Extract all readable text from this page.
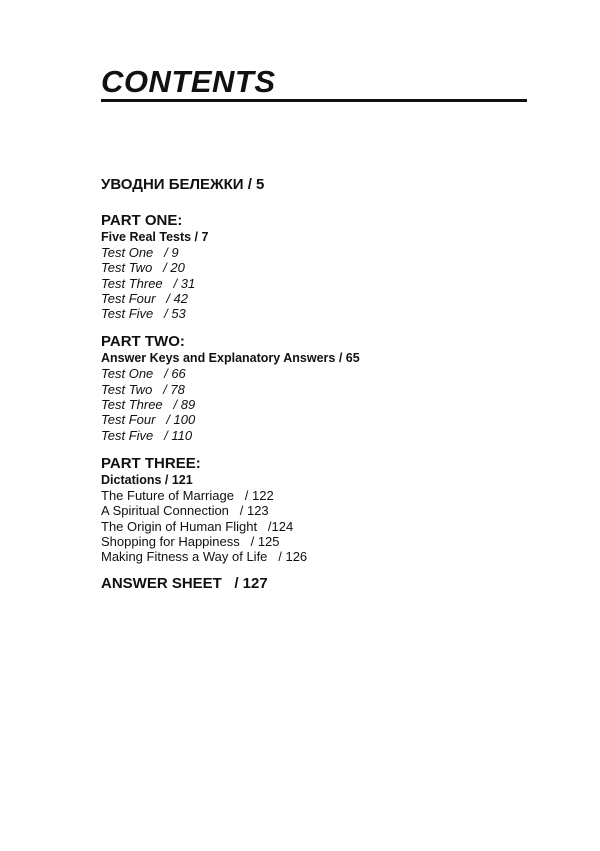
CONTENTS

УВОДНИ БЕЛЕЖКИ / 5

PART ONE:

Five Real Tests / 7

Test One   / 9
Test Two   / 20
Test Three   / 31
Test Four   / 42
Test Five   / 53

PART TWO:

Answer Keys and Explanatory Answers / 65

Test One   / 66
Test Two   / 78
Test Three   / 89
Test Four   / 100
Test Five   / 110

PART THREE:

Dictations / 121

The Future of Marriage   / 122
A Spiritual Connection   / 123
The Origin of Human Flight   /124
Shopping for Happiness   / 125
Making Fitness a Way of Life   / 126

ANSWER SHEET   / 127
